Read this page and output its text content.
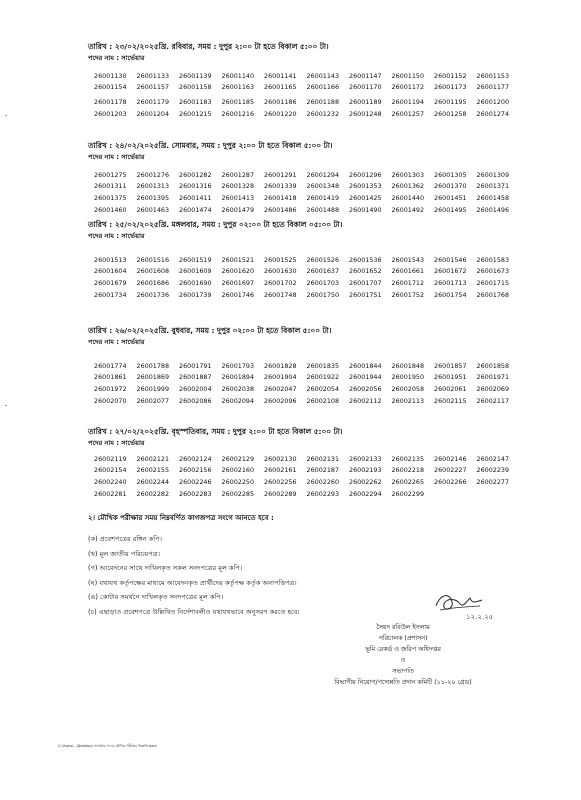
তারিখ : ২৩/০২/২০২৫খ্রি. রবিবার, সময় : দুপুর ২:০০ টা হতে বিকাল ৫:০০ টা।
পদের নাম : সার্ভেয়ার
26001130	26001133	26001139	26001140	26001141	26001143	26001147	26001150	26001152	26001153
26001154	26001157	26001158	26001163	26001165	26001166	26001170	26001172	26001173	26001177
26001178	26001179	26001183	26001185	26001186	26001188	26001189	26001194	26001195	26001200
26001203	26001204	26001215	26001216	26001220	26001232	26001248	26001257	26001258	26001274
তারিখ : ২৪/০২/২০২৫খ্রি. সোমবার, সময় : দুপুর ২:০০ টা হতে বিকাল ৫:০০ টা।
পদের নাম : সার্ভেয়ার
26001275	26001276	26001282	26001287	26001291	26001294	26001296	26001303	26001305	26001309
26001311	26001313	26001316	26001328	26001339	26001348	26001353	26001362	26001370	26001371
26001375	26001395	26001411	26001413	26001418	26001419	26001425	26001440	26001451	26001458
26001460	26001463	26001474	26001479	26001486	26001488	26001490	26001492	26001495	26001496
তারিখ : ২৫/০২/২০২৫খ্রি. মঙ্গলবার, সময় : দুপুর ০২:০০ টা হতে বিকাল ০৫:০০ টা।
পদের নাম : সার্ভেয়ার
26001513	26001516	26001519	26001521	26001525	26001526	26001536	26001543	26001546	26001583
26001604	26001608	26001609	26001620	26001630	26001637	26001652	26001661	26001672	26001673
26001679	26001686	26001690	26001697	26001702	26001703	26001707	26001712	26001713	26001715
26001734	26001736	26001739	26001746	26001748	26001750	26001751	26001752	26001754	26001768
তারিখ : ২৬/০২/২০২৫খ্রি. বুধবার, সময় : দুপুর ০২:০০ টা হতে বিকাল ৫:০০ টা।
পদের নাম : সার্ভেয়ার
26001774	26001788	26001791	26001793	26001828	26001835	26001844	26001848	26001857	26001858
26001861	26001869	26001887	26001894	26001904	26001922	26001944	26001950	26001951	26001971
26001972	26001999	26002004	26002038	26002047	26002054	26002056	26002058	26002061	26002069
26002070	26002077	26002086	26002094	26002096	26002108	26002112	26002113	26002115	26002117
তারিখ : ২৭/০২/২০২৫খ্রি. বৃহস্পতিবার, সময় : দুপুর ২:০০ টা হতে বিকাল ৫:০০ টা।
পদের নাম : সার্ভেয়ার
26002119	26002121	26002124	26002129	26002130	26002131	26002133	26002135	26002146	26002147
26002154	26002155	26002156	26002160	26002161	26002187	26002193	26002218	26002227	26002239
26002240	26002244	26002246	26002250	26002256	26002260	26002262	26002265	26002266	26002277
26002281	26002282	26002283	26002285	26002289	26002293	26002294	26002299
২। মৌখিক পরীক্ষার সময় নিম্নবর্ণিত কাগজপত্র সংগে আনতে হবে :
(ক) প্রবেশপত্রের রঙ্গিন কপি।
(খ) মূল জাতীয় পরিচয়পত্র।
(গ) আবেদনের সাথে দাখিলকৃত সকল সনদপত্রের মূল কপি।
(ঘ) যথাযথ কর্তৃপক্ষের মাধ্যমে আবেদনকৃত প্রার্থীদের কর্তৃপক্ষ কর্তৃক অনাপত্তিপত্র।
(ঙ) কোটার সমর্থনে দাখিলকৃত সনদপত্রের মূল কপি।
(চ) এছাড়াও প্রবেশপত্রে উল্লিখিত নির্দেশাবলীও যথাযথভাবে অনুসরণ করতে হবে।
১২.২.২৫
সৈয়দ রবিউল ইসলাম
পরিচালক (প্রশাসন)
ভূমি রেকর্ড ও জরিপ অধিদপ্তর
ও
সভাপতি
বিভাগীয় নিয়োগ/পদোন্নতি প্রদান কমিটি (১১-২০ গ্রেড)
C:\Users\...\Desktop\ সার্ভেয়ার পদের মৌখিক পরীক্ষার বিজ্ঞপ্তি.docx
